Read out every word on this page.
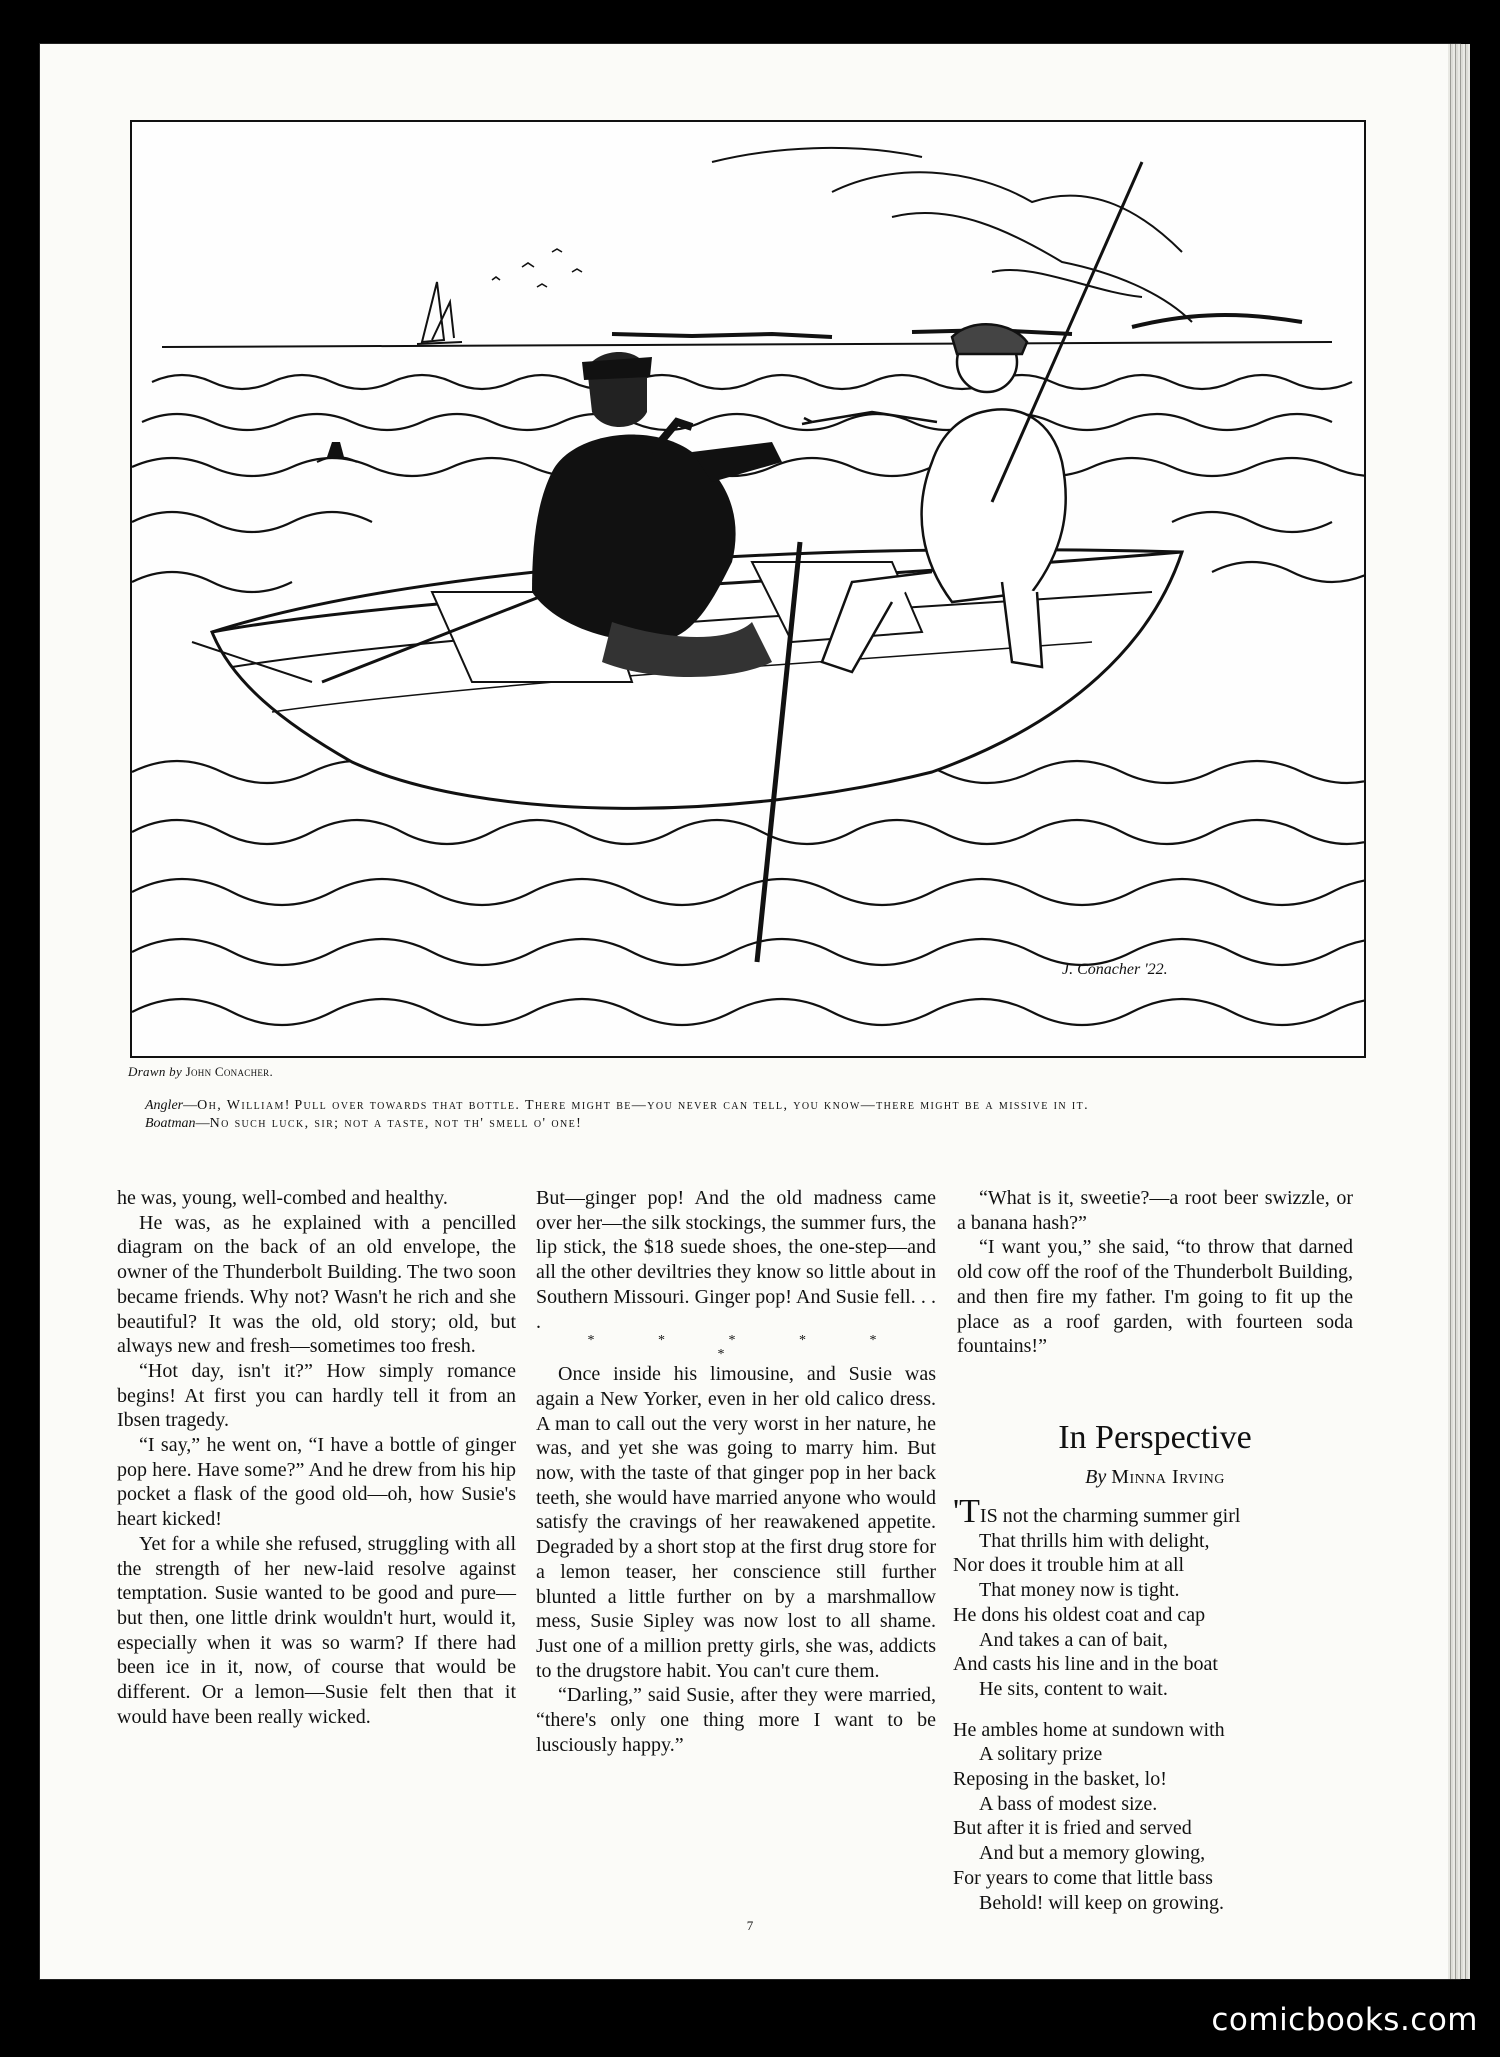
J. Conacher '22.
Drawn by John Conacher.

Angler—Oh, William! Pull over towards that bottle. There might be—you never can tell, you know—there might be a missive in it.

Boatman—No such luck, sir; not a taste, not th' smell o' one!

he was, young, well-combed and healthy.

He was, as he explained with a pencilled diagram on the back of an old envelope, the owner of the Thunderbolt Building. The two soon became friends. Why not? Wasn't he rich and she beautiful? It was the old, old story; old, but always new and fresh—sometimes too fresh.

“Hot day, isn't it?” How simply romance begins! At first you can hardly tell it from an Ibsen tragedy.

“I say,” he went on, “I have a bottle of ginger pop here. Have some?” And he drew from his hip pocket a flask of the good old—oh, how Susie's heart kicked!

Yet for a while she refused, struggling with all the strength of her new-laid resolve against temptation. Susie wanted to be good and pure—but then, one little drink wouldn't hurt, would it, especially when it was so warm? If there had been ice in it, now, of course that would be different. Or a lemon—Susie felt then that it would have been really wicked.

But—ginger pop! And the old madness came over her—the silk stockings, the summer furs, the lip stick, the $18 suede shoes, the one-step—and all the other deviltries they know so little about in Southern Missouri. Ginger pop! And Susie fell. . . .

* * * * * *

Once inside his limousine, and Susie was again a New Yorker, even in her old calico dress. A man to call out the very worst in her nature, he was, and yet she was going to marry him. But now, with the taste of that ginger pop in her back teeth, she would have married anyone who would satisfy the cravings of her reawakened appetite. Degraded by a short stop at the first drug store for a lemon teaser, her conscience still further blunted a little further on by a marshmallow mess, Susie Sipley was now lost to all shame. Just one of a million pretty girls, she was, addicts to the drugstore habit. You can't cure them.

“Darling,” said Susie, after they were married, “there's only one thing more I want to be lusciously happy.”

“What is it, sweetie?—a root beer swizzle, or a banana hash?”

“I want you,” she said, “to throw that darned old cow off the roof of the Thunderbolt Building, and then fire my father. I'm going to fit up the place as a roof garden, with fourteen soda fountains!”

In Perspective
By Minna Irving
'TIS not the charming summer girl
That thrills him with delight,
Nor does it trouble him at all
That money now is tight.
He dons his oldest coat and cap
And takes a can of bait,
And casts his line and in the boat
He sits, content to wait.
He ambles home at sundown with
A solitary prize
Reposing in the basket, lo!
A bass of modest size.
But after it is fried and served
And but a memory glowing,
For years to come that little bass
Behold! will keep on growing.
7
comicbooks.com
